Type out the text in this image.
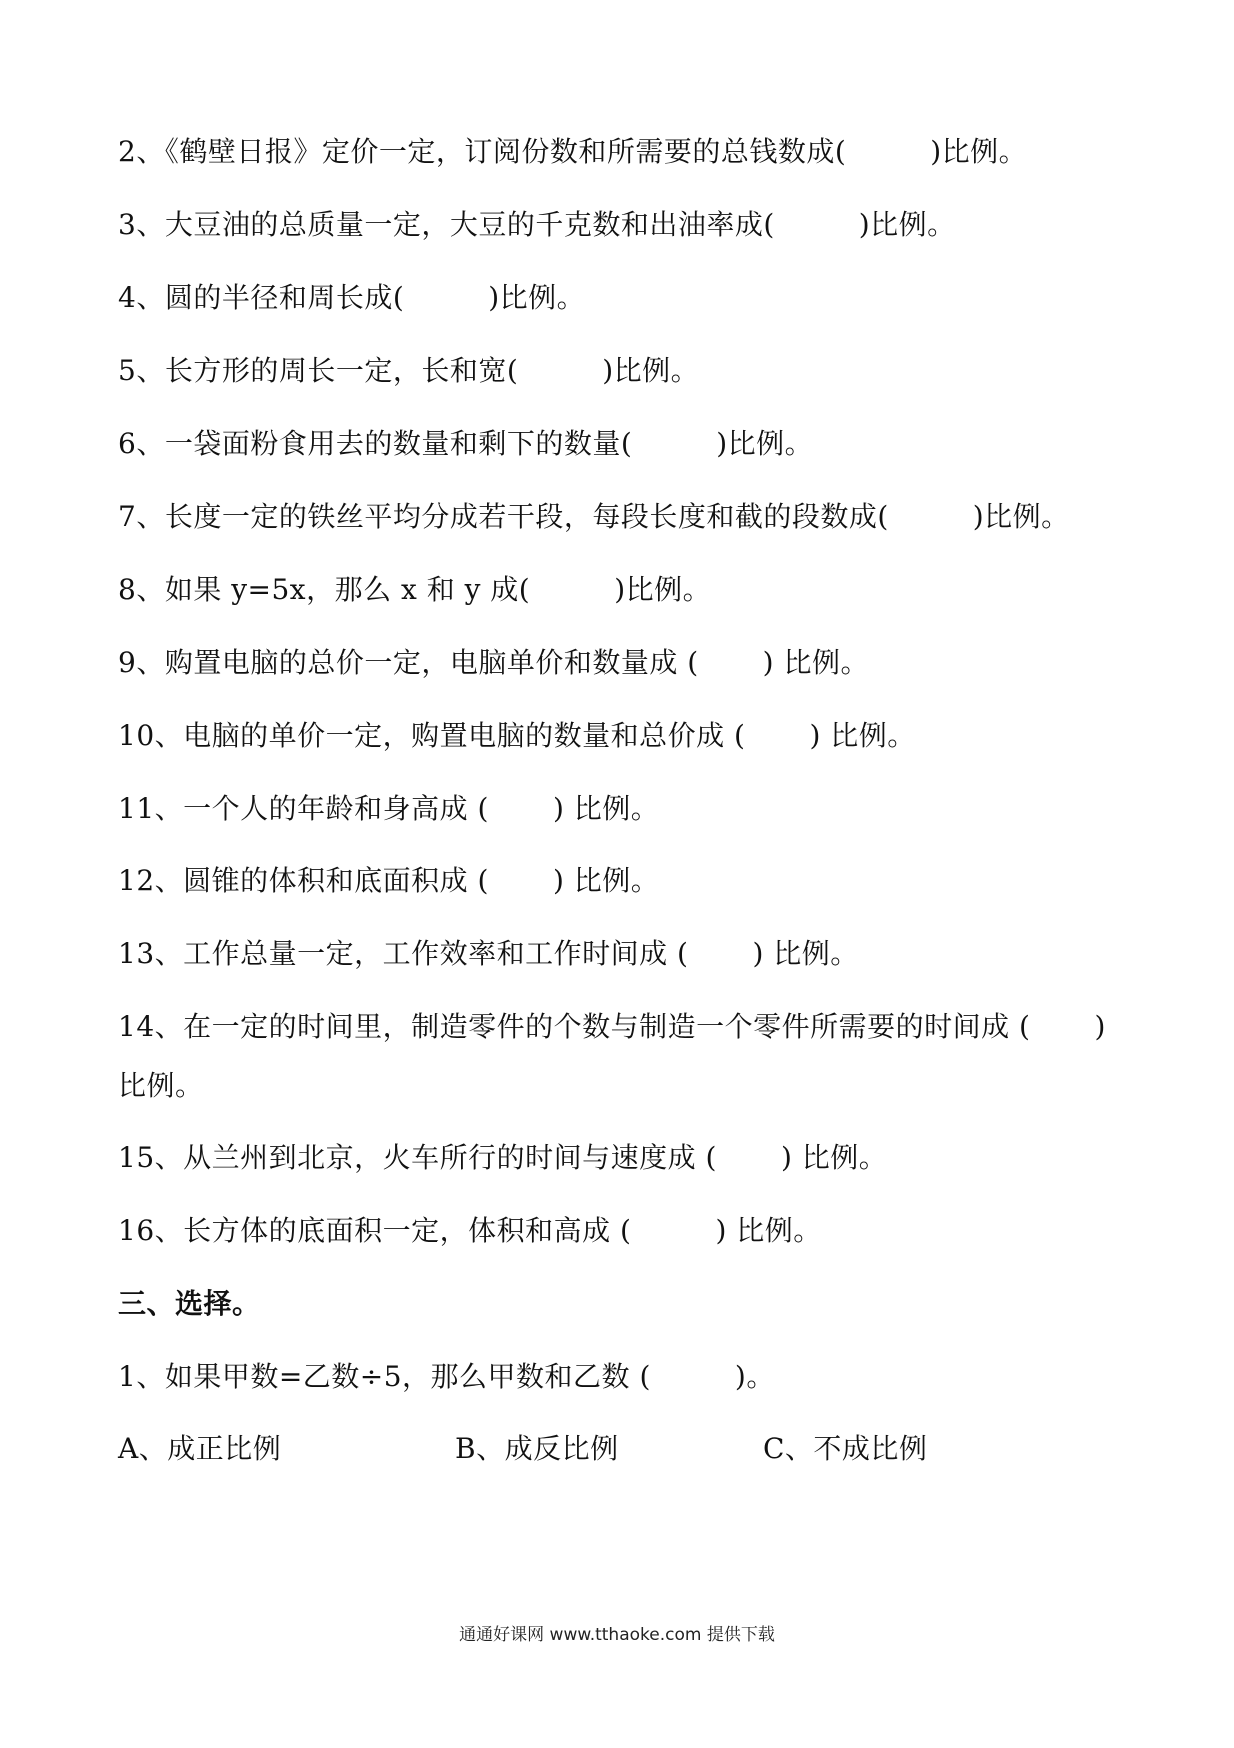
2、《鹤壁日报》定价一定，订阅份数和所需要的总钱数成(	)比例。
3、大豆油的总质量一定，大豆的千克数和出油率成(	)比例。
4、圆的半径和周长成(	)比例。
5、长方形的周长一定，长和宽(	)比例。
6、一袋面粉食用去的数量和剩下的数量(	)比例。
7、长度一定的铁丝平均分成若干段，每段长度和截的段数成(	)比例。
8、如果 y=5x，那么 x 和 y 成(	)比例。
9、购置电脑的总价一定，电脑单价和数量成 ( ) 比例。
10、电脑的单价一定，购置电脑的数量和总价成 ( ) 比例。
11、一个人的年龄和身高成 ( ) 比例。
12、圆锥的体积和底面积成 ( ) 比例。
13、工作总量一定，工作效率和工作时间成 ( ) 比例。
14、在一定的时间里，制造零件的个数与制造一个零件所需要的时间成 ( )
比例。
15、从兰州到北京，火车所行的时间与速度成 ( ) 比例。
16、长方体的底面积一定，体积和高成 (	) 比例。
三、选择。
1、如果甲数=乙数÷5，那么甲数和乙数 (	)。
A、成正比例	B、成反比例	C、不成比例
通通好课网 www.tthaoke.com 提供下载
